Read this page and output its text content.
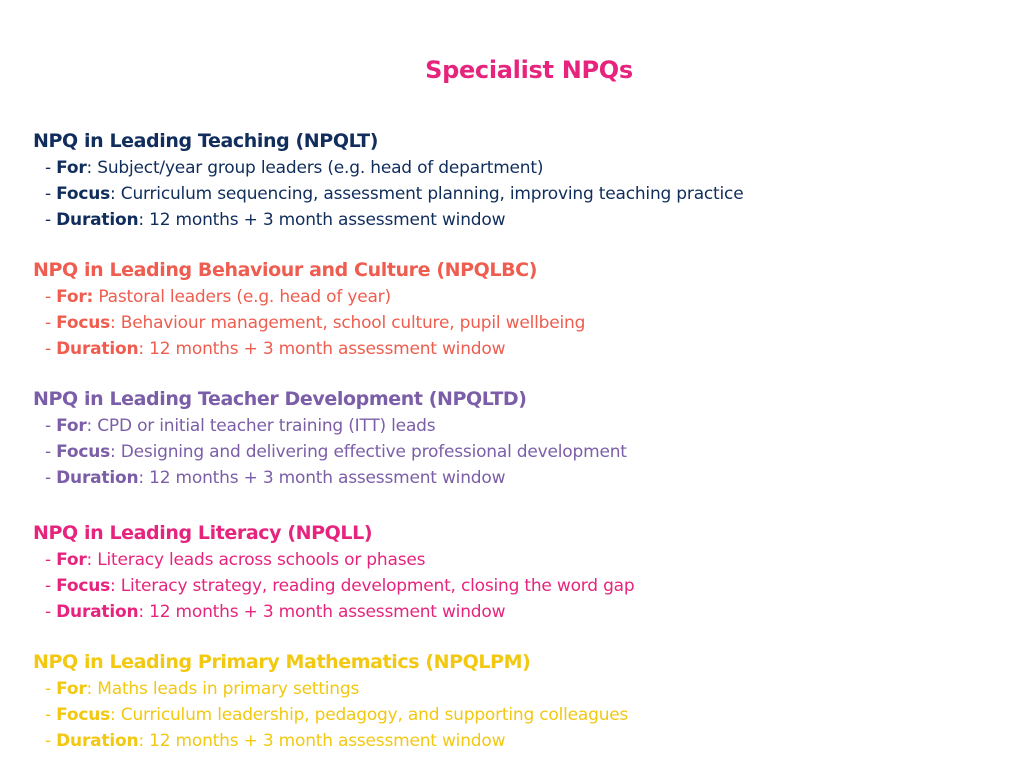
Specialist NPQs
NPQ in Leading Teaching (NPQLT)
- For: Subject/year group leaders (e.g. head of department)
- Focus: Curriculum sequencing, assessment planning, improving teaching practice
- Duration: 12 months + 3 month assessment window
NPQ in Leading Behaviour and Culture (NPQLBC)
- For: Pastoral leaders (e.g. head of year)
- Focus: Behaviour management, school culture, pupil wellbeing
- Duration: 12 months + 3 month assessment window
NPQ in Leading Teacher Development (NPQLTD)
- For: CPD or initial teacher training (ITT) leads
- Focus: Designing and delivering effective professional development
- Duration: 12 months + 3 month assessment window
NPQ in Leading Literacy (NPQLL)
- For: Literacy leads across schools or phases
- Focus: Literacy strategy, reading development, closing the word gap
- Duration: 12 months + 3 month assessment window
NPQ in Leading Primary Mathematics (NPQLPM)
- For: Maths leads in primary settings
- Focus: Curriculum leadership, pedagogy, and supporting colleagues
- Duration: 12 months + 3 month assessment window
